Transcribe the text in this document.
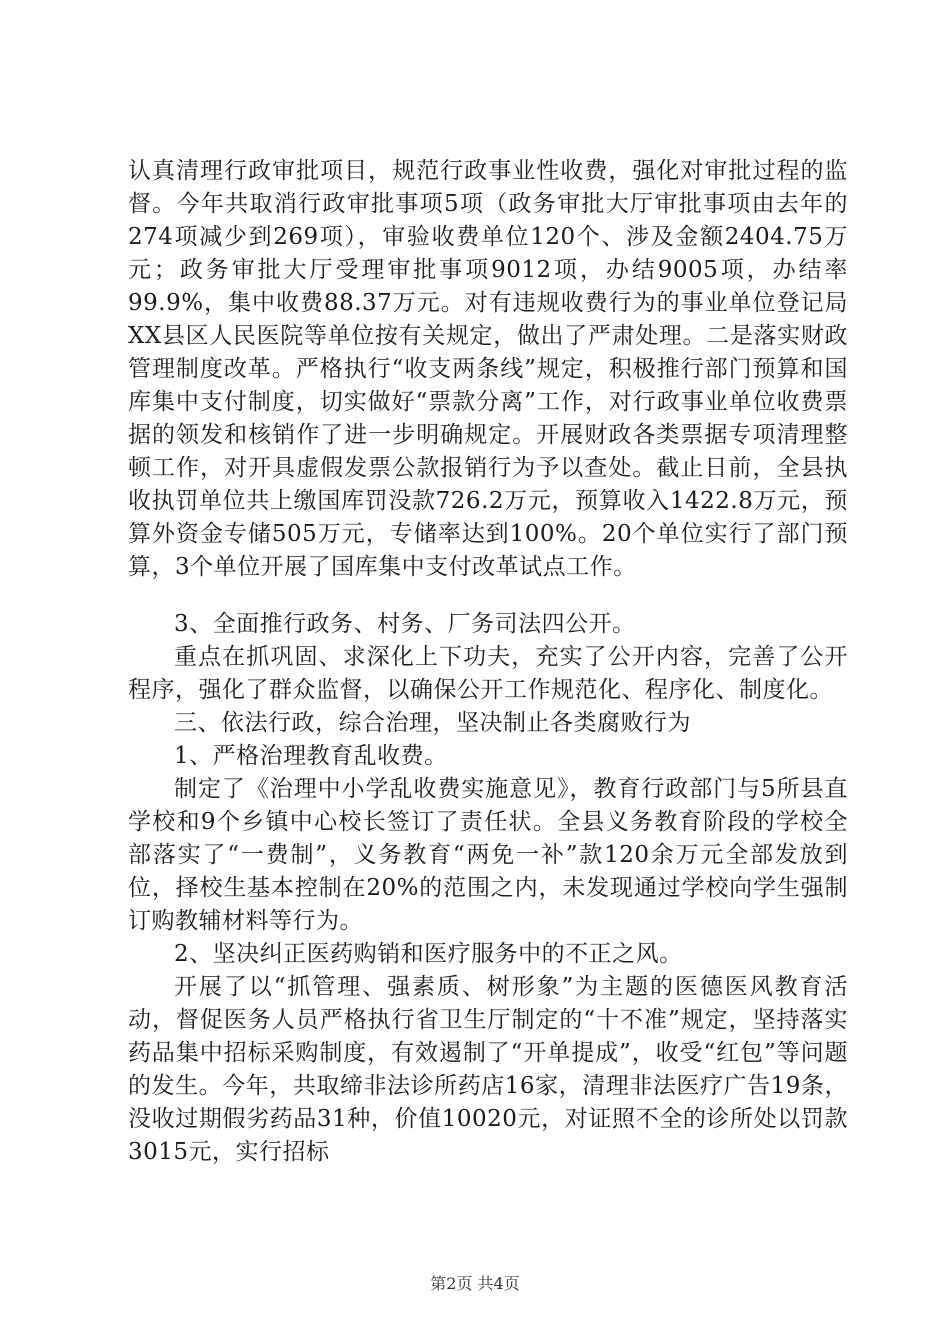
认真清理行政审批项目，规范行政事业性收费，强化对审批过程的监督。今年共取消行政审批事项5项（政务审批大厅审批事项由去年的274项减少到269项），审验收费单位120个、涉及金额2404.75万元；政务审批大厅受理审批事项9012项，办结9005项，办结率99.9%，集中收费88.37万元。对有违规收费行为的事业单位登记局XX县区人民医院等单位按有关规定，做出了严肃处理。二是落实财政管理制度改革。严格执行“收支两条线”规定，积极推行部门预算和国库集中支付制度，切实做好“票款分离”工作，对行政事业单位收费票据的领发和核销作了进一步明确规定。开展财政各类票据专项清理整顿工作，对开具虚假发票公款报销行为予以查处。截止日前，全县执收执罚单位共上缴国库罚没款726.2万元，预算收入1422.8万元，预算外资金专储505万元，专储率达到100%。20个单位实行了部门预算，3个单位开展了国库集中支付改革试点工作。

3、全面推行政务、村务、厂务司法四公开。

重点在抓巩固、求深化上下功夫，充实了公开内容，完善了公开程序，强化了群众监督，以确保公开工作规范化、程序化、制度化。

三、依法行政，综合治理，坚决制止各类腐败行为

1、严格治理教育乱收费。

制定了《治理中小学乱收费实施意见》，教育行政部门与5所县直学校和9个乡镇中心校长签订了责任状。全县义务教育阶段的学校全部落实了“一费制”，义务教育“两免一补”款120余万元全部发放到位，择校生基本控制在20%的范围之内，未发现通过学校向学生强制订购教辅材料等行为。

2、坚决纠正医药购销和医疗服务中的不正之风。

开展了以“抓管理、强素质、树形象”为主题的医德医风教育活动，督促医务人员严格执行省卫生厅制定的“十不准”规定，坚持落实药品集中招标采购制度，有效遏制了“开单提成”，收受“红包”等问题的发生。今年，共取缔非法诊所药店16家，清理非法医疗广告19条，没收过期假劣药品31种，价值10020元，对证照不全的诊所处以罚款3015元，实行招标

第2页 共4页
